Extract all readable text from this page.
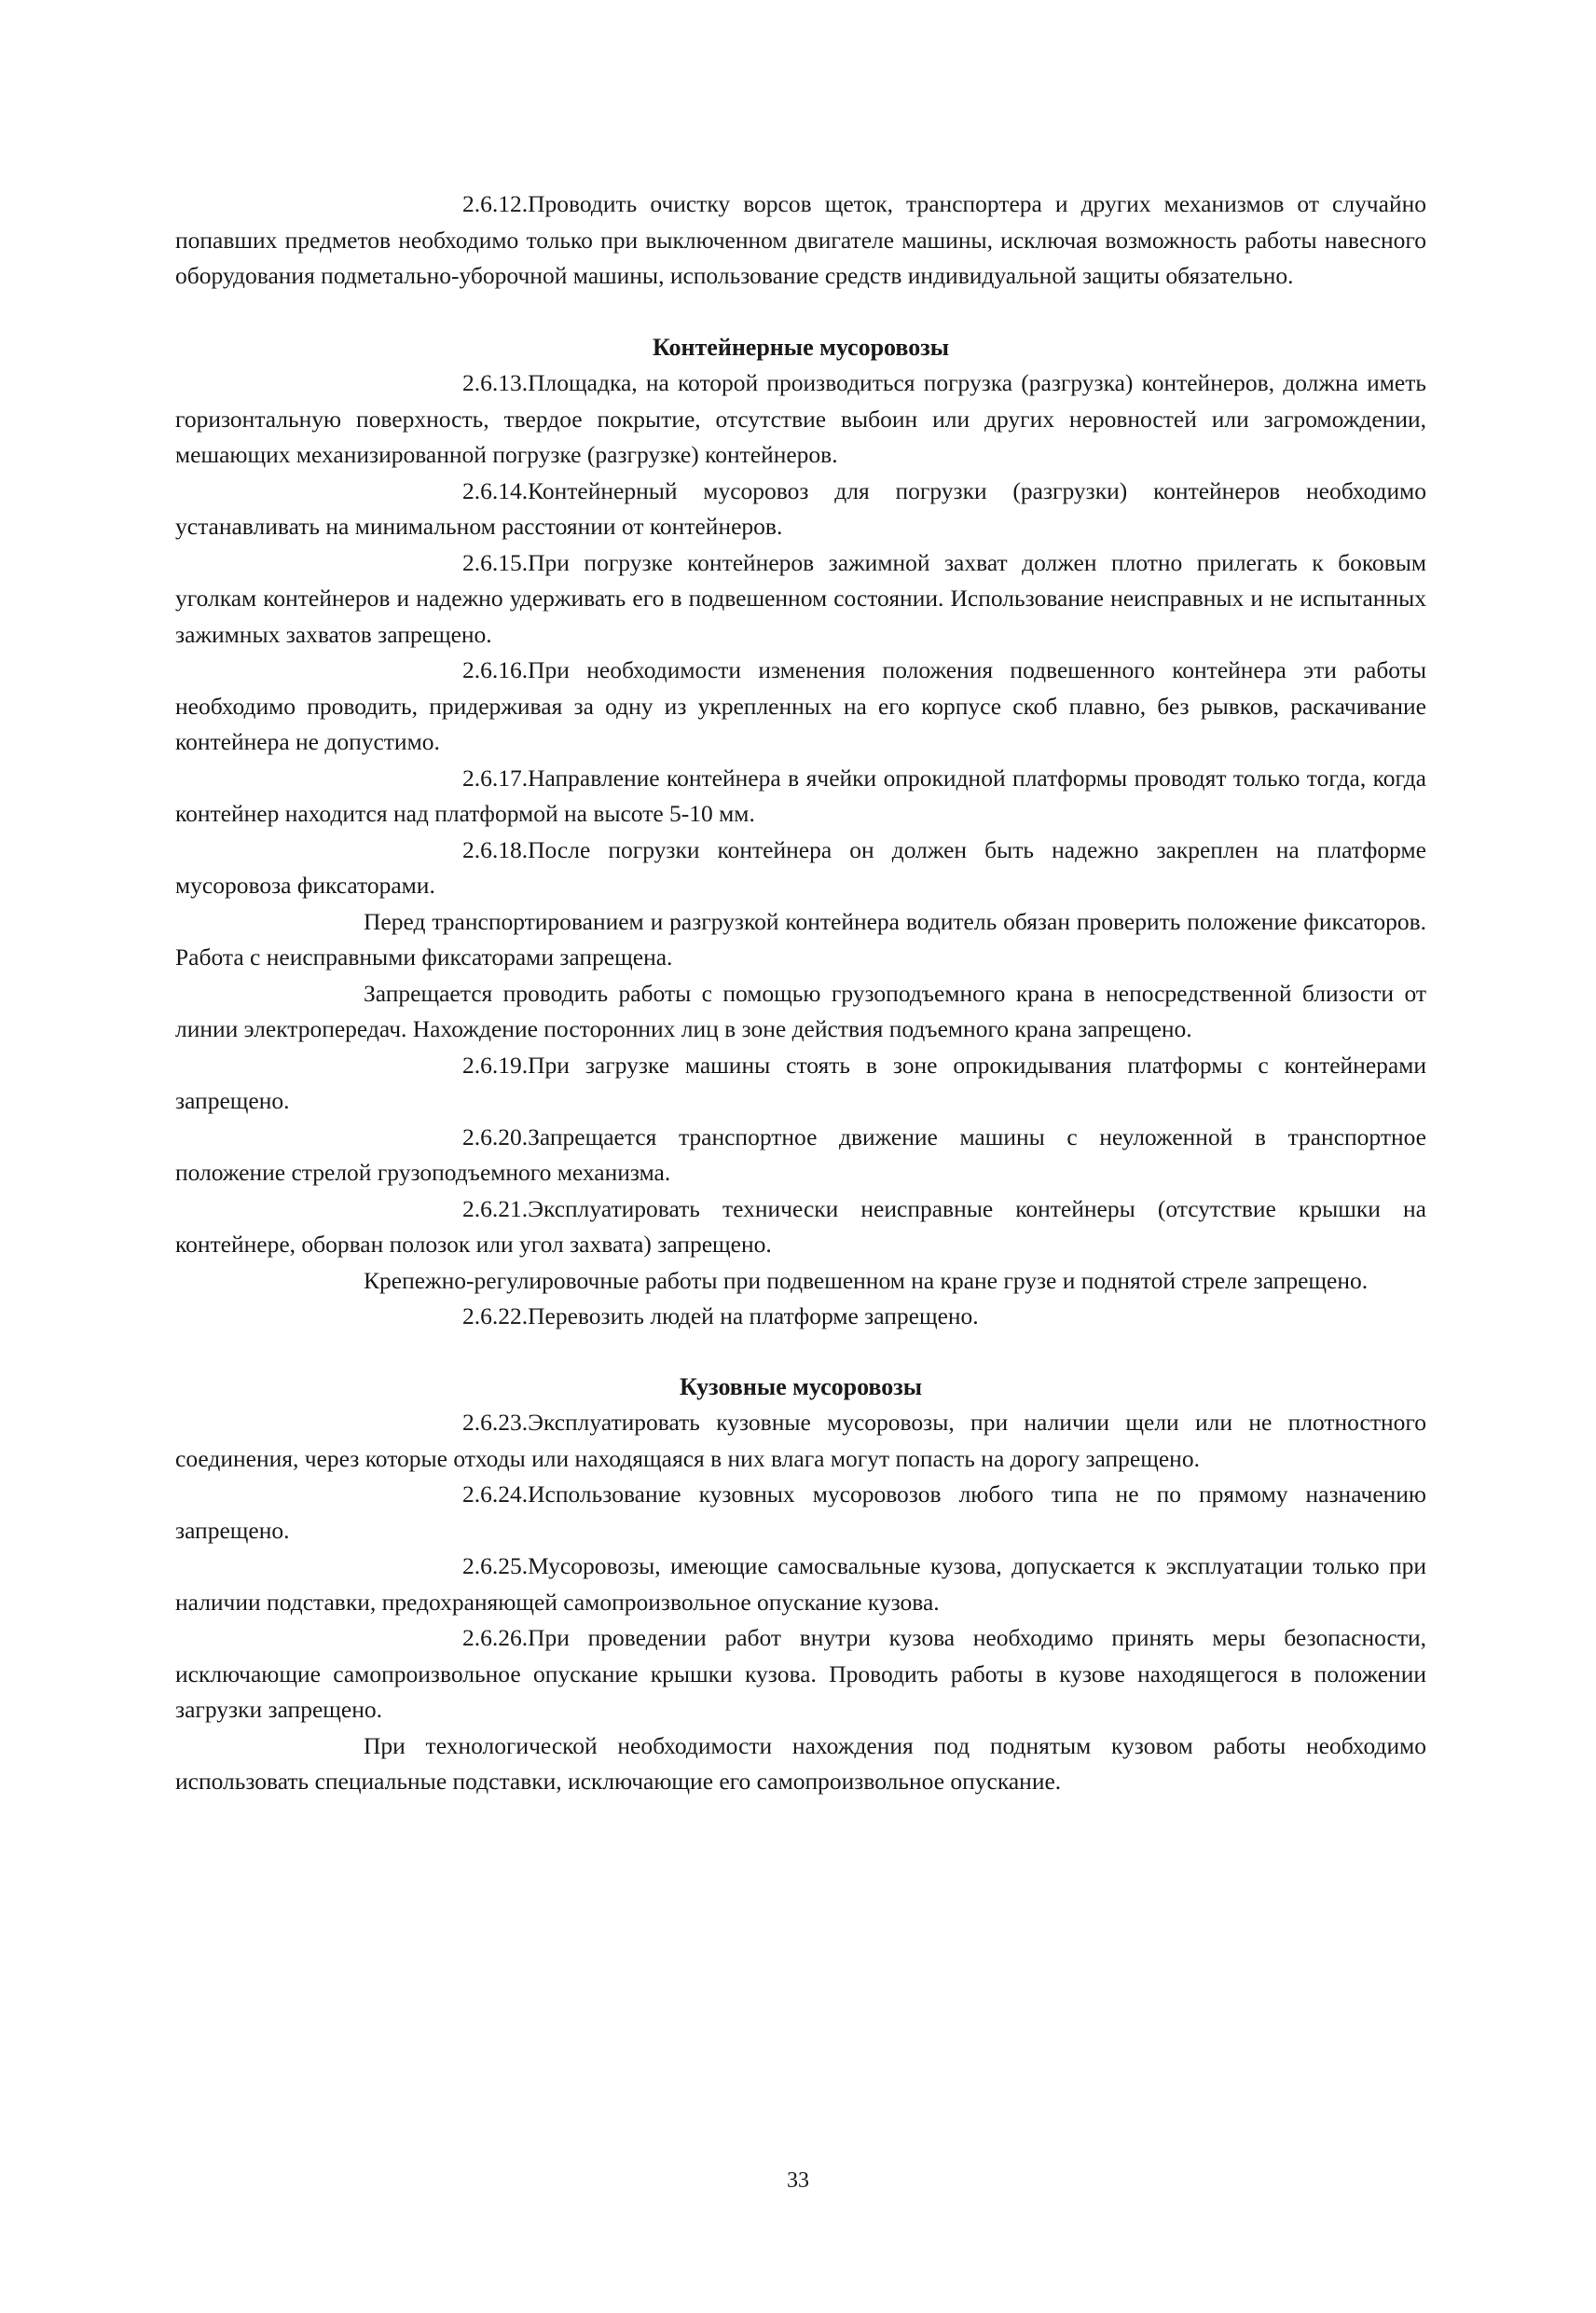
2.6.12.Проводить очистку ворсов щеток, транспортера и других механизмов от случайно попавших предметов необходимо только при выключенном двигателе машины, исключая возможность работы навесного оборудования подметально-уборочной машины, использование средств индивидуальной защиты обязательно.

Контейнерные мусоровозы

2.6.13.Площадка, на которой производиться погрузка (разгрузка) контейнеров, должна иметь горизонтальную поверхность, твердое покрытие, отсутствие выбоин или других неровностей или загромождении, мешающих механизированной погрузке (разгрузке) контейнеров.

2.6.14.Контейнерный мусоровоз для погрузки (разгрузки) контейнеров необходимо устанавливать на минимальном расстоянии от контейнеров.

2.6.15.При погрузке контейнеров зажимной захват должен плотно прилегать к боковым уголкам контейнеров и надежно удерживать его в подвешенном состоянии. Использование неисправных и не испытанных зажимных захватов запрещено.

2.6.16.При необходимости изменения положения подвешенного контейнера эти работы необходимо проводить, придерживая за одну из укрепленных на его корпусе скоб плавно, без рывков, раскачивание контейнера не допустимо.

2.6.17.Направление контейнера в ячейки опрокидной платформы проводят только тогда, когда контейнер находится над платформой на высоте 5-10 мм.

2.6.18.После погрузки контейнера он должен быть надежно закреплен на платформе мусоровоза фиксаторами.

Перед транспортированием и разгрузкой контейнера водитель обязан проверить положение фиксаторов. Работа с неисправными фиксаторами запрещена.

Запрещается проводить работы с помощью грузоподъемного крана в непосредственной близости от линии электропередач. Нахождение посторонних лиц в зоне действия подъемного крана запрещено.

2.6.19.При загрузке машины стоять в зоне опрокидывания платформы с контейнерами запрещено.

2.6.20.Запрещается транспортное движение машины с неуложенной в транспортное положение стрелой грузоподъемного механизма.

2.6.21.Эксплуатировать технически неисправные контейнеры (отсутствие крышки на контейнере, оборван полозок или угол захвата) запрещено.

Крепежно-регулировочные работы при подвешенном на кране грузе и поднятой стреле запрещено.

2.6.22.Перевозить людей на платформе запрещено.

Кузовные мусоровозы

2.6.23.Эксплуатировать кузовные мусоровозы, при наличии щели или не плотностного соединения, через которые отходы или находящаяся в них влага могут попасть на дорогу запрещено.

2.6.24.Использование кузовных мусоровозов любого типа не по прямому назначению запрещено.

2.6.25.Мусоровозы, имеющие самосвальные кузова, допускается к эксплуатации только при наличии подставки, предохраняющей самопроизвольное опускание кузова.

2.6.26.При проведении работ внутри кузова необходимо принять меры безопасности, исключающие самопроизвольное опускание крышки кузова. Проводить работы в кузове находящегося в положении загрузки запрещено.

При технологической необходимости нахождения под поднятым кузовом работы необходимо использовать специальные подставки, исключающие его самопроизвольное опускание.

33
